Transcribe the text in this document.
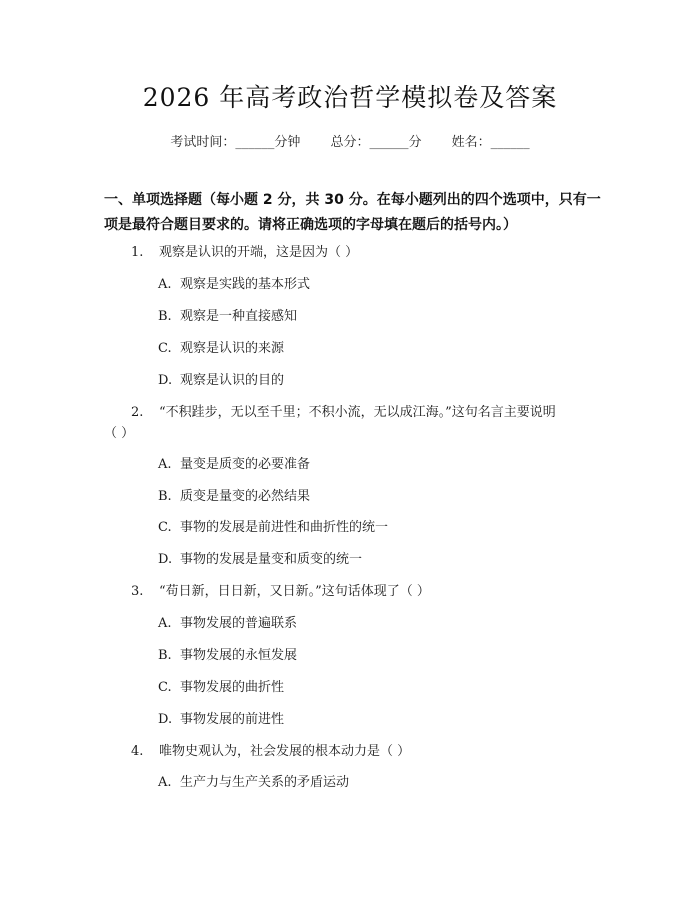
2026 年高考政治哲学模拟卷及答案
考试时间：______分钟 总分：______分 姓名：______
一、单项选择题（每小题 2 分，共 30 分。在每小题列出的四个选项中，只有一项是最符合题目要求的。请将正确选项的字母填在题后的括号内。）
1. 观察是认识的开端，这是因为（ ）
A. 观察是实践的基本形式
B. 观察是一种直接感知
C. 观察是认识的来源
D. 观察是认识的目的
2. “不积跬步，无以至千里；不积小流，无以成江海。”这句名言主要说明
（ ）
A. 量变是质变的必要准备
B. 质变是量变的必然结果
C. 事物的发展是前进性和曲折性的统一
D. 事物的发展是量变和质变的统一
3. “苟日新，日日新，又日新。”这句话体现了（ ）
A. 事物发展的普遍联系
B. 事物发展的永恒发展
C. 事物发展的曲折性
D. 事物发展的前进性
4. 唯物史观认为，社会发展的根本动力是（ ）
A. 生产力与生产关系的矛盾运动
